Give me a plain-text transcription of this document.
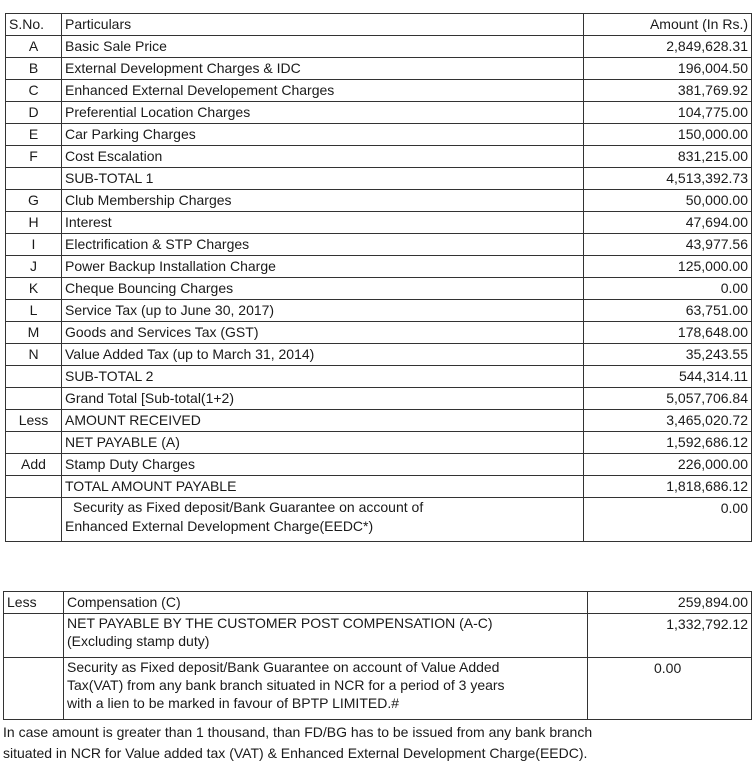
S.No.	Particulars	Amount (In Rs.)
A	Basic Sale Price	2,849,628.31
B	External Development Charges & IDC	196,004.50
C	Enhanced External Developement Charges	381,769.92
D	Preferential Location Charges	104,775.00
E	Car Parking Charges	150,000.00
F	Cost Escalation	831,215.00
	SUB-TOTAL 1	4,513,392.73
G	Club Membership Charges	50,000.00
H	Interest	47,694.00
I	Electrification & STP Charges	43,977.56
J	Power Backup Installation Charge	125,000.00
K	Cheque Bouncing Charges	0.00
L	Service Tax (up to June 30, 2017)	63,751.00
M	Goods and Services Tax (GST)	178,648.00
N	Value Added Tax (up to March 31, 2014)	35,243.55
	SUB-TOTAL 2	544,314.11
	Grand Total [Sub-total(1+2)	5,057,706.84
Less	AMOUNT RECEIVED	3,465,020.72
	NET PAYABLE (A)	1,592,686.12
Add	Stamp Duty Charges	226,000.00
	TOTAL AMOUNT PAYABLE	1,818,686.12

	Security as Fixed deposit/Bank Guarantee on account of
Enhanced External Development Charge(EEDC*)	0.00
Less	Compensation (C)	259,894.00

	NET PAYABLE BY THE CUSTOMER POST COMPENSATION (A-C)
(Excluding stamp duty)	1,332,792.12

	Security as Fixed deposit/Bank Guarantee on account of Value Added
Tax(VAT) from any bank branch situated in NCR for a period of 3 years
with a lien to be marked in favour of BPTP LIMITED.#	0.00
In case amount is greater than 1 thousand, than FD/BG has to be issued from any bank branch
situated in NCR for Value added tax (VAT) & Enhanced External Development Charge(EEDC).
